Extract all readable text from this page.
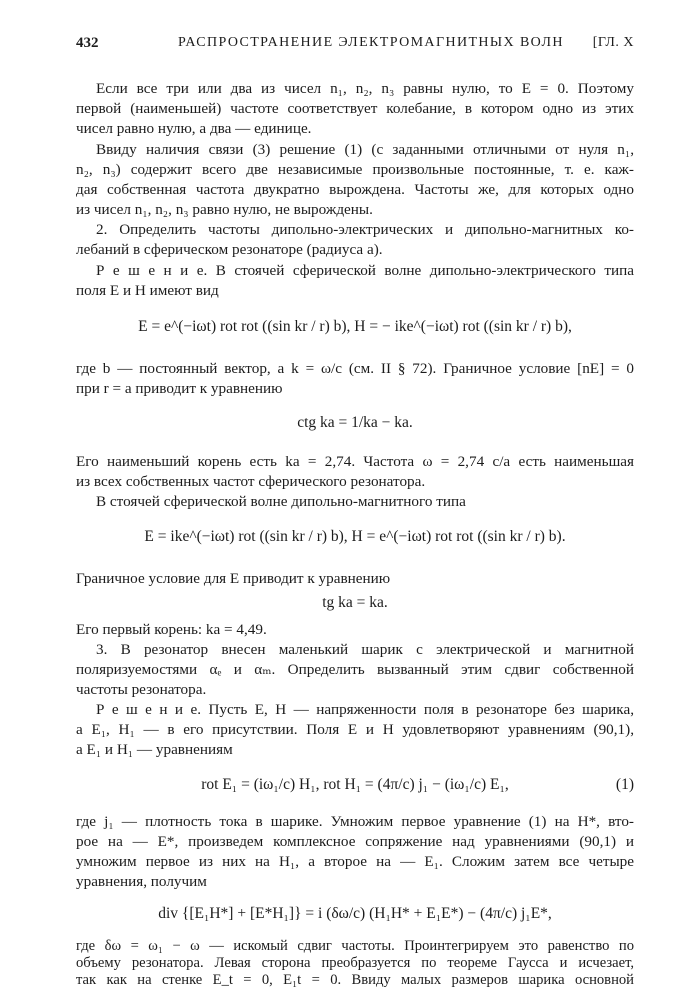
432	РАСПРОСТРАНЕНИЕ ЭЛЕКТРОМАГНИТНЫХ ВОЛН [ГЛ. X
Если все три или два из чисел n₁, n₂, n₃ равны нулю, то E = 0. Поэтому
первой (наименьшей) частоте соответствует колебание, в котором одно из этих
чисел равно нулю, а два — единице.
Ввиду наличия связи (3) решение (1) (с заданными отличными от нуля n₁,
n₂, n₃) содержит всего две независимые произвольные постоянные, т. е. каж-
дая собственная частота двукратно вырождена. Частоты же, для которых одно
из чисел n₁, n₂, n₃ равно нулю, не вырождены.
2. Определить частоты дипольно-электрических и дипольно-магнитных ко-
лебаний в сферическом резонаторе (радиуса a).
Р е ш е н и е. В стоячей сферической волне дипольно-электрического типа
поля E и H имеют вид
E = e^(−iωt) rot rot ((sin kr / r) b), H = − ike^(−iωt) rot ((sin kr / r) b),
где b — постоянный вектор, а k = ω/c (см. II § 72). Граничное условие [nE] = 0
при r = a приводит к уравнению
ctg ka = 1/ka − ka.
Его наименьший корень есть ka = 2,74. Частота ω = 2,74 c/a есть наименьшая
из всех собственных частот сферического резонатора.
В стоячей сферической волне дипольно-магнитного типа
E = ike^(−iωt) rot ((sin kr / r) b), H = e^(−iωt) rot rot ((sin kr / r) b).
Граничное условие для E приводит к уравнению
tg ka = ka.
Его первый корень: ka = 4,49.
3. В резонатор внесен маленький шарик с электрической и магнитной
поляризуемостями αₑ и αₘ. Определить вызванный этим сдвиг собственной
частоты резонатора.
Р е ш е н и е. Пусть E, H — напряженности поля в резонаторе без шарика,
а E₁, H₁ — в его присутствии. Поля E и H удовлетворяют уравнениям (90,1),
а E₁ и H₁ — уравнениям
rot E₁ = (iω₁/c) H₁, rot H₁ = (4π/c) j₁ − (iω₁/c) E₁,	(1)
где j₁ — плотность тока в шарике. Умножим первое уравнение (1) на H*, вто-
рое на — E*, произведем комплексное сопряжение над уравнениями (90,1) и
умножим первое из них на H₁, а второе на — E₁. Сложим затем все четыре
уравнения, получим
div {[E₁H*] + [E*H₁]} = i (δω/c) (H₁H* + E₁E*) − (4π/c) j₁E*,
где δω = ω₁ − ω — искомый сдвиг частоты. Проинтегрируем это равенство по
объему резонатора. Левая сторона преобразуется по теореме Гаусса и исчезает,
так как на стенке E_t = 0, E₁t = 0. Ввиду малых размеров шарика основной
